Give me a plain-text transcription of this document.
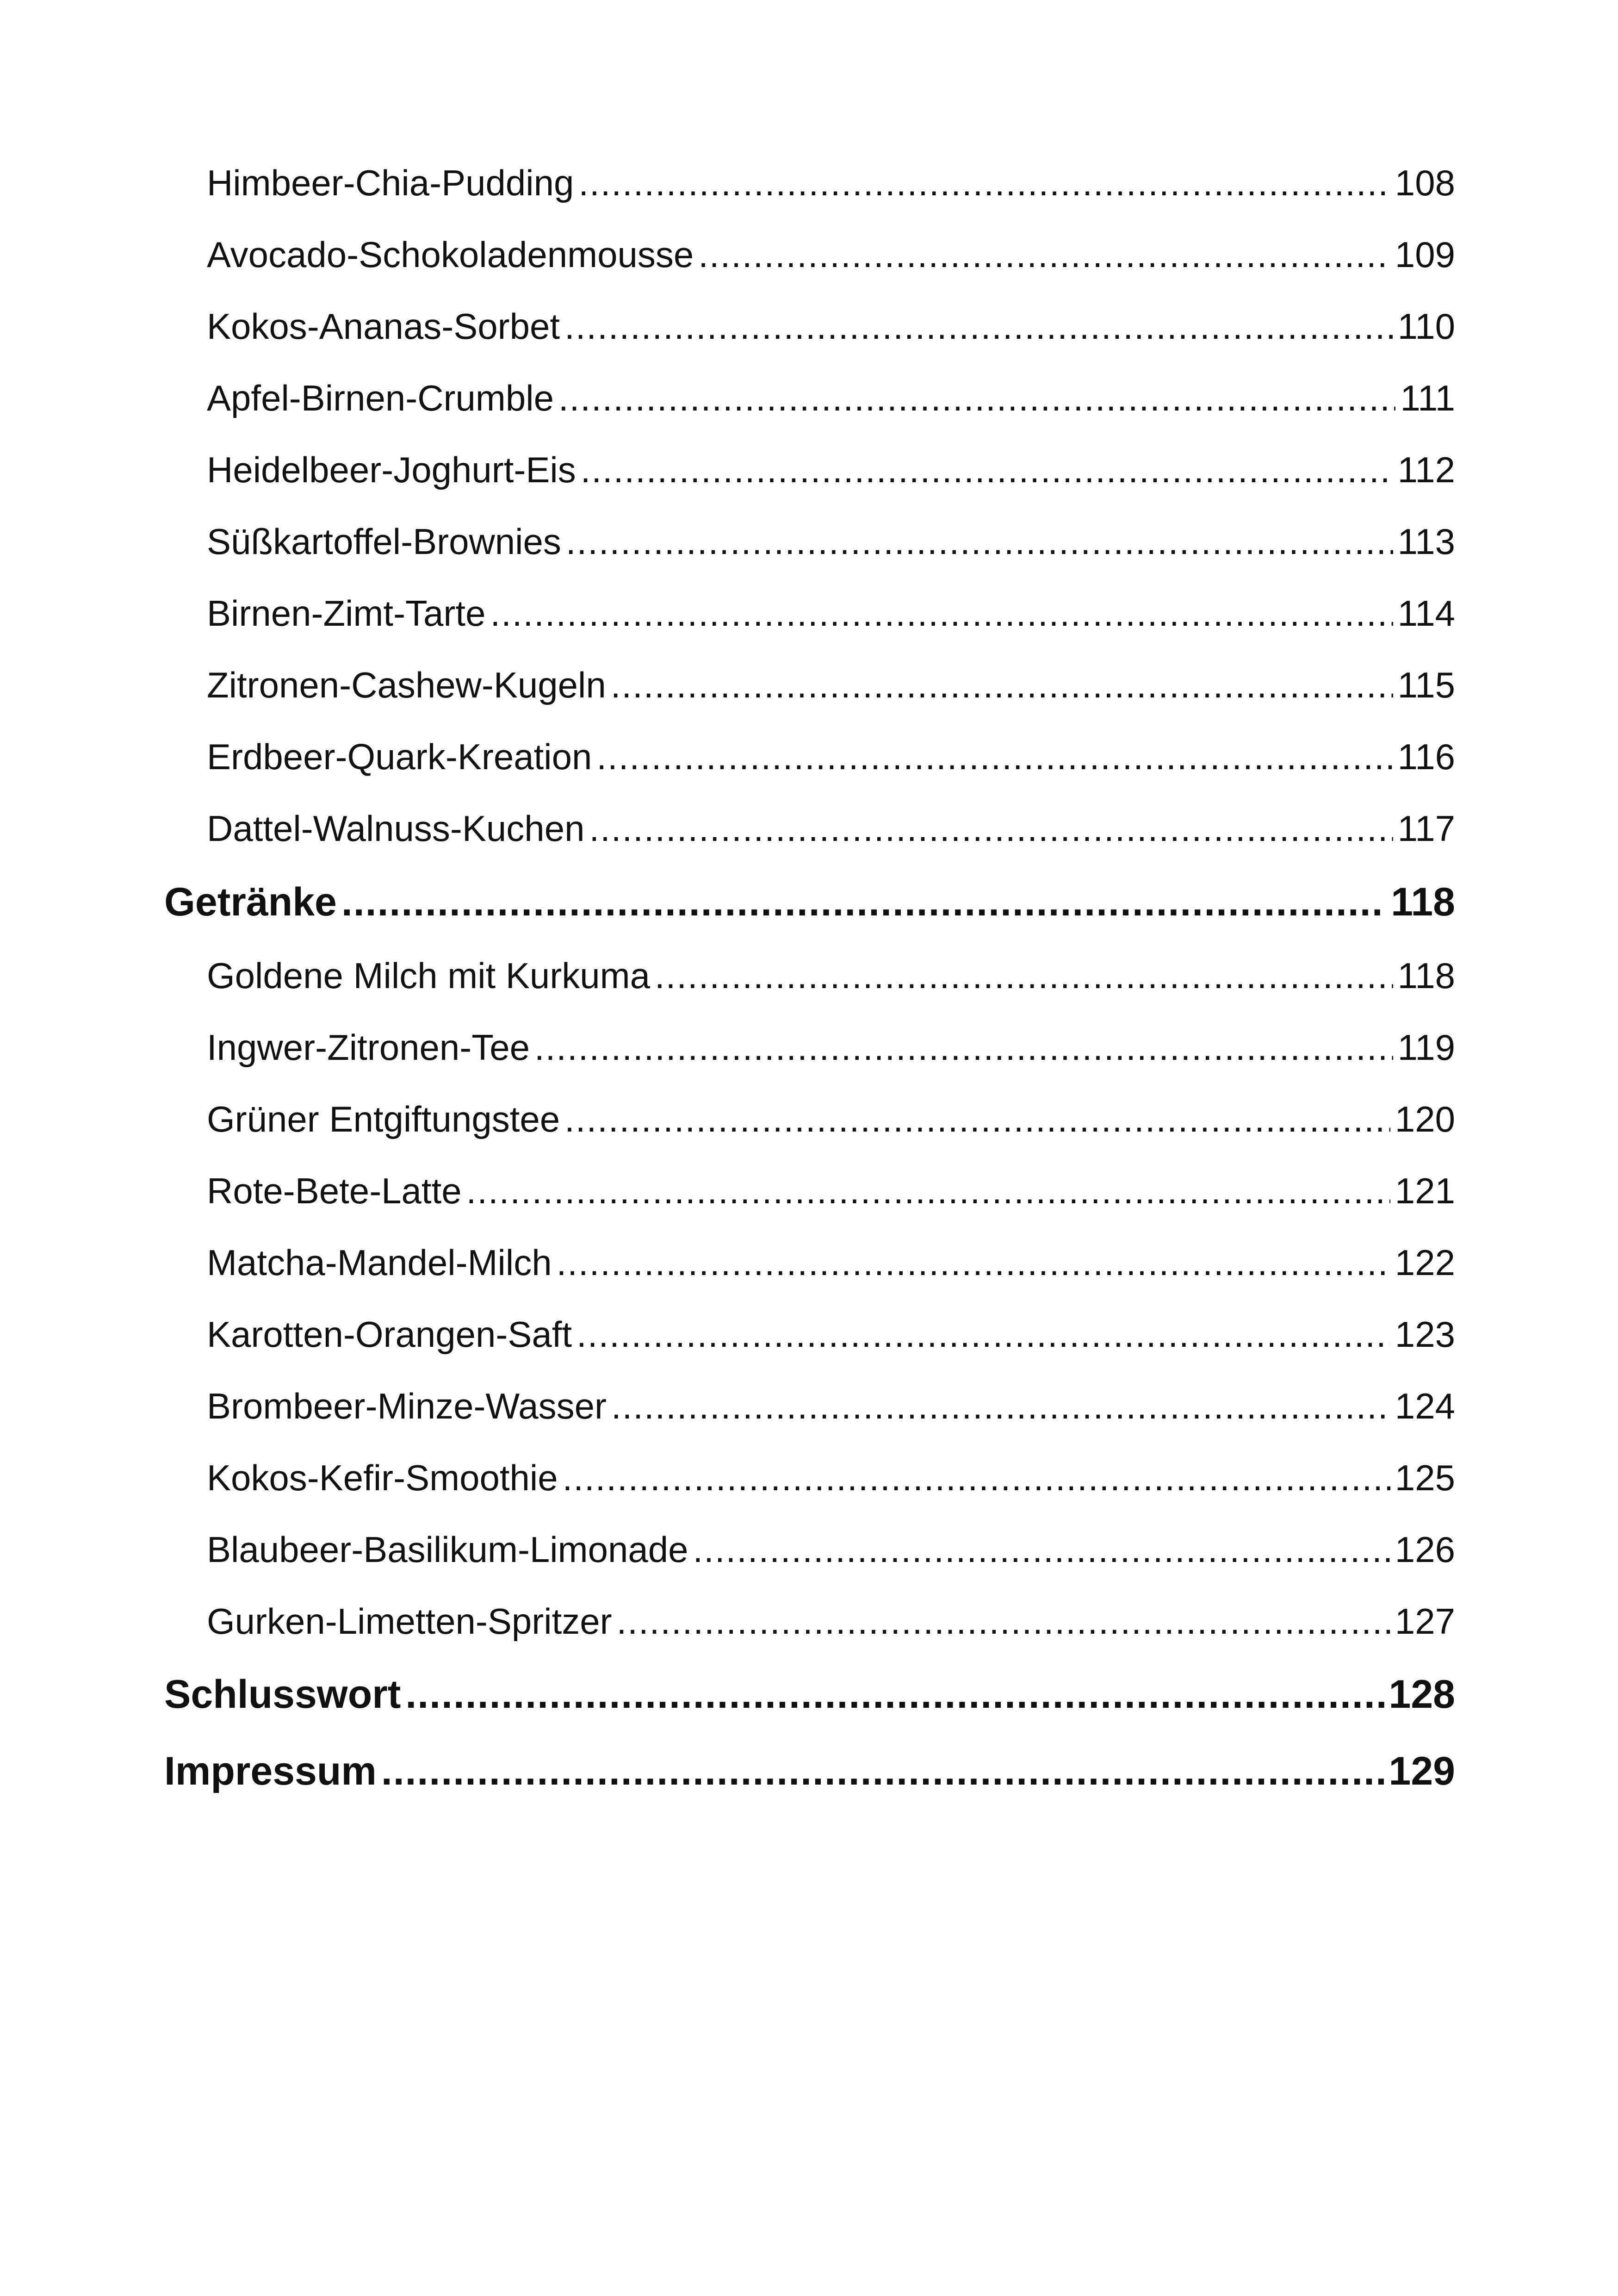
Himbeer-Chia-Pudding .....	108
Avocado-Schokoladenmousse .....	109
Kokos-Ananas-Sorbet .....	110
Apfel-Birnen-Crumble .....	111
Heidelbeer-Joghurt-Eis .....	112
Süßkartoffel-Brownies .....	113
Birnen-Zimt-Tarte .....	114
Zitronen-Cashew-Kugeln .....	115
Erdbeer-Quark-Kreation .....	116
Dattel-Walnuss-Kuchen .....	117
Getränke .....	118
Goldene Milch mit Kurkuma .....	118
Ingwer-Zitronen-Tee .....	119
Grüner Entgiftungstee .....	120
Rote-Bete-Latte .....	121
Matcha-Mandel-Milch .....	122
Karotten-Orangen-Saft .....	123
Brombeer-Minze-Wasser .....	124
Kokos-Kefir-Smoothie .....	125
Blaubeer-Basilikum-Limonade .....	126
Gurken-Limetten-Spritzer .....	127
Schlusswort .....	128
Impressum .....	129
